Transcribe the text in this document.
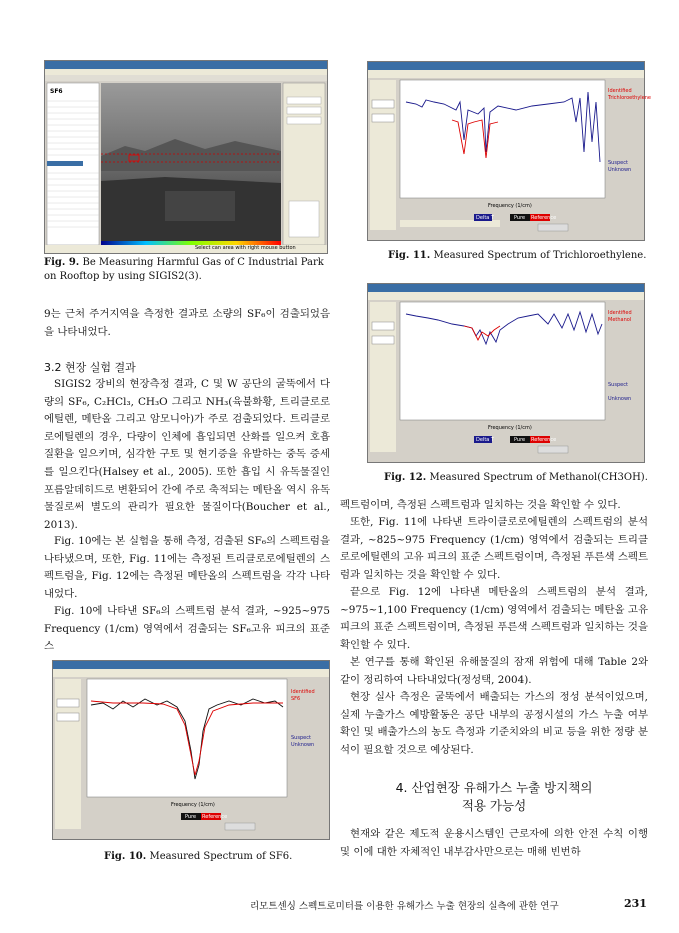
SF6
Select can area with right mouse button
Fig. 9. Be Measuring Harmful Gas of C Industrial Park on Rooftop by using SIGIS2(3).
Identified
Trichloroethylene
Suspect
Unknown
Frequency (1/cm)
Delta T	Pure Reference
Fig. 11. Measured Spectrum of Trichloroethylene.
Identified
Methanol
Suspect
Unknown
Frequency (1/cm)
Delta T	Pure Reference
Fig. 12. Measured Spectrum of Methanol(CH3OH).
9는 근처 주거지역을 측정한 결과로 소량의 SF₆이 검출되었음을 나타내었다.
3.2 현장 실험 결과
SIGIS2 장비의 현장측정 결과, C 및 W 공단의 굴뚝에서 다량의 SF₆, C₂HCl₃, CH₃O 그리고 NH₃(육불화황, 트리클로로에틸렌, 메탄올 그리고 암모니아)가 주로 검출되었다. 트리클로로에틸렌의 경우, 다량이 인체에 흡입되면 산화를 일으켜 호흡질환을 일으키며, 심각한 구토 및 현기증을 유발하는 중독 증세를 일으킨다(Halsey et al., 2005). 또한 흡입 시 유독물질인 포름알데히드로 변환되어 간에 주로 축적되는 메탄올 역시 유독물질로써 별도의 관리가 필요한 물질이다(Boucher et al., 2013).
Fig. 10에는 본 실험을 통해 측정, 검출된 SF₆의 스펙트럼을 나타냈으며, 또한, Fig. 11에는 측정된 트리클로로에틸렌의 스펙트럼을, Fig. 12에는 측정된 메탄올의 스펙트럼을 각각 나타내었다.
Fig. 10에 나타낸 SF₆의 스펙트럼 분석 결과, ~925~975 Frequency (1/cm) 영역에서 검출되는 SF₆고유 피크의 표준 스
Identified
SF6
Suspect
Unknown
Frequency (1/cm)
Pure Reference
Fig. 10. Measured Spectrum of SF6.
펙트럼이며, 측정된 스펙트럼과 일치하는 것을 확인할 수 있다.
또한, Fig. 11에 나타낸 트라이클로로에틸렌의 스펙트럼의 분석 결과, ~825~975 Frequency (1/cm) 영역에서 검출되는 트리클로로에틸렌의 고유 피크의 표준 스펙트럼이며, 측정된 푸른색 스펙트럼과 일치하는 것을 확인할 수 있다.
끝으로 Fig. 12에 나타낸 메탄올의 스펙트럼의 분석 결과, ~975~1,100 Frequency (1/cm) 영역에서 검출되는 메탄올 고유 피크의 표준 스펙트럼이며, 측정된 푸른색 스펙트럼과 일치하는 것을 확인할 수 있다.
본 연구를 통해 확인된 유해물질의 잠재 위험에 대해 Table 2와 같이 정리하여 나타내었다(정성택, 2004).
현장 실사 측정은 굴뚝에서 배출되는 가스의 정성 분석이었으며, 실제 누출가스 예방활동은 공단 내부의 공정시설의 가스 누출 여부 확인 및 배출가스의 농도 측정과 기준치와의 비교 등을 위한 정량 분석이 필요할 것으로 예상된다.
4. 산업현장 유해가스 누출 방지책의
적용 가능성
현재와 같은 제도적 운용시스템인 근로자에 의한 안전 수칙 이행 및 이에 대한 자체적인 내부감사만으로는 매해 빈번하
리모트센싱 스펙트로미터를 이용한 유해가스 누출 현장의 실측에 관한 연구	231
